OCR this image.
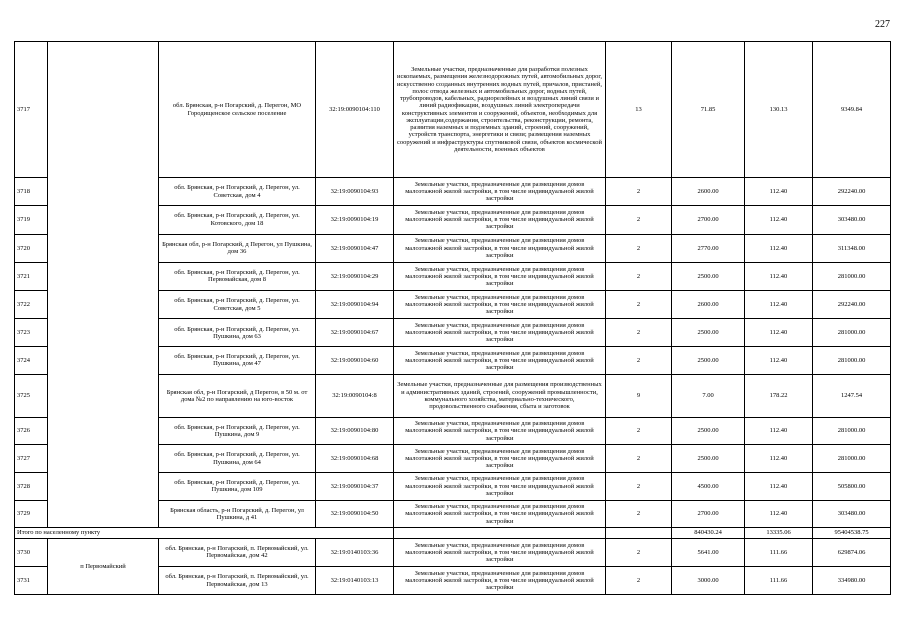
227
3717		обл. Брянская, р-н Погарский, д. Перегон, МО Городищенское сельское поселение	32:19:0090104:110	Земельные участки, предназначенные для разработки полезных ископаемых, размещения железнодорожных путей, автомобильных дорог, искусственно созданных внутренних водных путей, причалов, пристаней, полос отвода железных и автомобильных дорог, водных путей, трубопроводов, кабельных, радиорелейных и воздушных линий связи и линий радиофикации, воздушных линий электропередачи конструктивных элементов и сооружений, объектов, необходимых для эксплуатации,содержания, строительства, реконструкции, ремонта, развития наземных и подземных зданий, строений, сооружений, устройств транспорта, энергетики и связи; размещения наземных сооружений и инфраструктуры спутниковой связи, объектов космической деятельности, военных объектов	13	71.85	130.13	9349.84
3718		обл. Брянская, р-н Погарский, д. Перегон, ул. Советская, дом 4	32:19:0090104:93	Земельные участки, предназначенные для размещения домов малоэтажной жилой застройки, в том числе индивидуальной жилой застройки	2	2600.00	112.40	292240.00
3719		обл. Брянская, р-н Погарский, д. Перегон, ул. Котовского, дом 18	32:19:0090104:19	Земельные участки, предназначенные для размещения домов малоэтажной жилой застройки, в том числе индивидуальной жилой застройки	2	2700.00	112.40	303480.00
3720		Брянская обл, р-н Погарский, д Перегон, ул Пушкина, дом 36	32:19:0090104:47	Земельные участки, предназначенные для размещения домов малоэтажной жилой застройки, в том числе индивидуальной жилой застройки	2	2770.00	112.40	311348.00
3721		обл. Брянская, р-н Погарский, д. Перегон, ул. Первомайская, дом 8	32:19:0090104:29	Земельные участки, предназначенные для размещения домов малоэтажной жилой застройки, в том числе индивидуальной жилой застройки	2	2500.00	112.40	281000.00
3722		обл. Брянская, р-н Погарский, д. Перегон, ул. Советская, дом 5	32:19:0090104:94	Земельные участки, предназначенные для размещения домов малоэтажной жилой застройки, в том числе индивидуальной жилой застройки	2	2600.00	112.40	292240.00
3723		обл. Брянская, р-н Погарский, д. Перегон, ул. Пушкина, дом 63	32:19:0090104:67	Земельные участки, предназначенные для размещения домов малоэтажной жилой застройки, в том числе индивидуальной жилой застройки	2	2500.00	112.40	281000.00
3724		обл. Брянская, р-н Погарский, д. Перегон, ул. Пушкина, дом 47	32:19:0090104:60	Земельные участки, предназначенные для размещения домов малоэтажной жилой застройки, в том числе индивидуальной жилой застройки	2	2500.00	112.40	281000.00
3725		Брянская обл, р-н Погарский, д Перегон, в 50 м. от дома №2 по направлению на юго-восток	32:19:0090104:8	Земельные участки, предназначенные для размещения производственных и административных зданий, строений, сооружений промышленности, коммунального хозяйства, материально-технического, продовольственного снабжения, сбыта и заготовок	9	7.00	178.22	1247.54
3726		обл. Брянская, р-н Погарский, д. Перегон, ул. Пушкина, дом 9	32:19:0090104:80	Земельные участки, предназначенные для размещения домов малоэтажной жилой застройки, в том числе индивидуальной жилой застройки	2	2500.00	112.40	281000.00
3727		обл. Брянская, р-н Погарский, д. Перегон, ул. Пушкина, дом 64	32:19:0090104:68	Земельные участки, предназначенные для размещения домов малоэтажной жилой застройки, в том числе индивидуальной жилой застройки	2	2500.00	112.40	281000.00
3728		обл. Брянская, р-н Погарский, д. Перегон, ул. Пушкина, дом 109	32:19:0090104:37	Земельные участки, предназначенные для размещения домов малоэтажной жилой застройки, в том числе индивидуальной жилой застройки	2	4500.00	112.40	505800.00
3729		Брянская область, р-н Погарский, д. Перегон, ул Пушкина, д 41	32:19:0090104:50	Земельные участки, предназначенные для размещения домов малоэтажной жилой застройки, в том числе индивидуальной жилой застройки	2	2700.00	112.40	303480.00
Итого по населенному пункту						840430.24	13335.06	95404538.75
3730	п Первомайский	обл. Брянская, р-н Погарский, п. Первомайский, ул. Первомайская, дом 42	32:19:0140103:36	Земельные участки, предназначенные для размещения домов малоэтажной жилой застройки, в том числе индивидуальной жилой застройки	2	5641.00	111.66	629874.06
3731		обл. Брянская, р-н Погарский, п. Первомайский, ул. Первомайская, дом 13	32:19:0140103:13	Земельные участки, предназначенные для размещения домов малоэтажной жилой застройки, в том числе индивидуальной жилой застройки	2	3000.00	111.66	334980.00
